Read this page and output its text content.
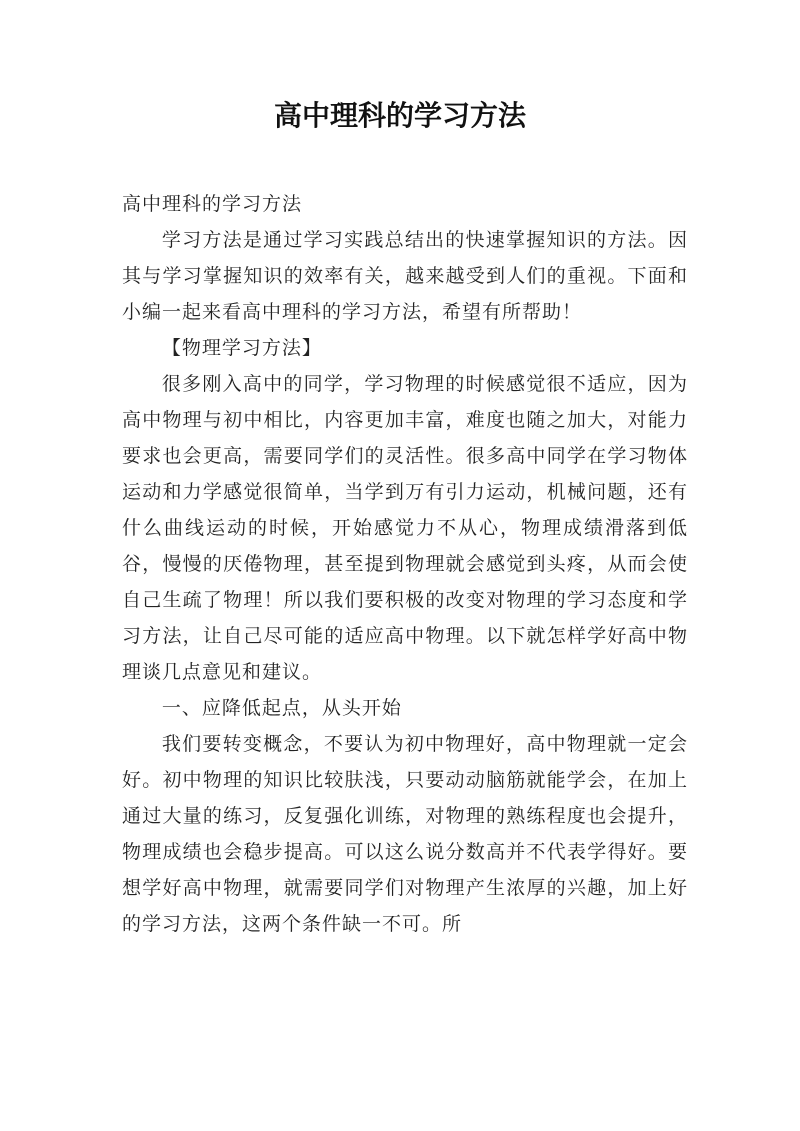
高中理科的学习方法

高中理科的学习方法

学习方法是通过学习实践总结出的快速掌握知识的方法。因其与学习掌握知识的效率有关，越来越受到人们的重视。下面和小编一起来看高中理科的学习方法，希望有所帮助！

【物理学习方法】

很多刚入高中的同学，学习物理的时候感觉很不适应，因为高中物理与初中相比，内容更加丰富，难度也随之加大，对能力要求也会更高，需要同学们的灵活性。很多高中同学在学习物体运动和力学感觉很简单，当学到万有引力运动，机械问题，还有什么曲线运动的时候，开始感觉力不从心，物理成绩滑落到低谷，慢慢的厌倦物理，甚至提到物理就会感觉到头疼，从而会使自己生疏了物理！所以我们要积极的改变对物理的学习态度和学习方法，让自己尽可能的适应高中物理。以下就怎样学好高中物理谈几点意见和建议。

一、应降低起点，从头开始

我们要转变概念，不要认为初中物理好，高中物理就一定会好。初中物理的知识比较肤浅，只要动动脑筋就能学会，在加上通过大量的练习，反复强化训练，对物理的熟练程度也会提升，物理成绩也会稳步提高。可以这么说分数高并不代表学得好。要想学好高中物理，就需要同学们对物理产生浓厚的兴趣，加上好的学习方法，这两个条件缺一不可。所
